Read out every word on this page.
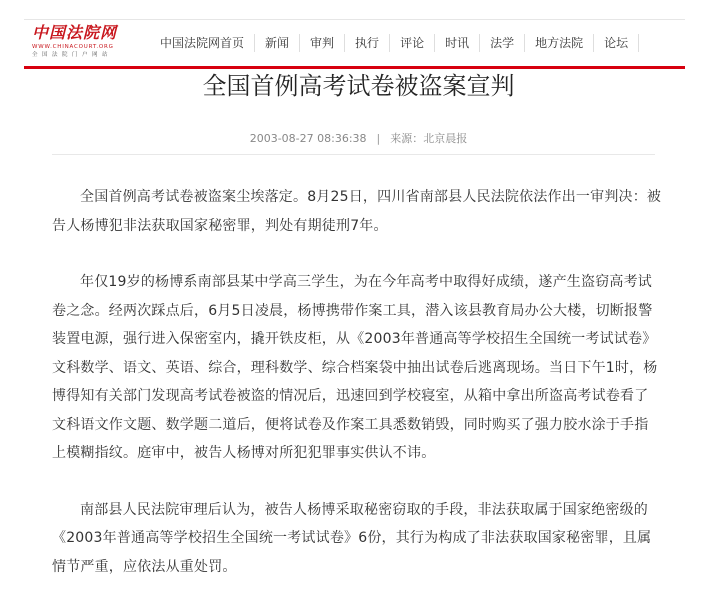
中国法院网
WWW.CHINACOURT.ORG
全国法院门户网站
中国法院网首页	新闻	审判	执行	评论	时讯	法学	地方法院	论坛
全国首例高考试卷被盗案宣判
2003-08-27 08:36:38 | 来源：北京晨报

全国首例高考试卷被盗案尘埃落定。8月25日，四川省南部县人民法院依法作出一审判决：被告人杨博犯非法获取国家秘密罪，判处有期徒刑7年。

年仅19岁的杨博系南部县某中学高三学生，为在今年高考中取得好成绩，遂产生盗窃高考试卷之念。经两次踩点后，6月5日凌晨，杨博携带作案工具，潜入该县教育局办公大楼，切断报警装置电源，强行进入保密室内，撬开铁皮柜，从《2003年普通高等学校招生全国统一考试试卷》文科数学、语文、英语、综合，理科数学、综合档案袋中抽出试卷后逃离现场。当日下午1时，杨博得知有关部门发现高考试卷被盗的情况后，迅速回到学校寝室，从箱中拿出所盗高考试卷看了文科语文作文题、数学题二道后，便将试卷及作案工具悉数销毁，同时购买了强力胶水涂于手指上模糊指纹。庭审中，被告人杨博对所犯犯罪事实供认不讳。

南部县人民法院审理后认为，被告人杨博采取秘密窃取的手段，非法获取属于国家绝密级的《2003年普通高等学校招生全国统一考试试卷》6份，其行为构成了非法获取国家秘密罪，且属情节严重，应依法从重处罚。
